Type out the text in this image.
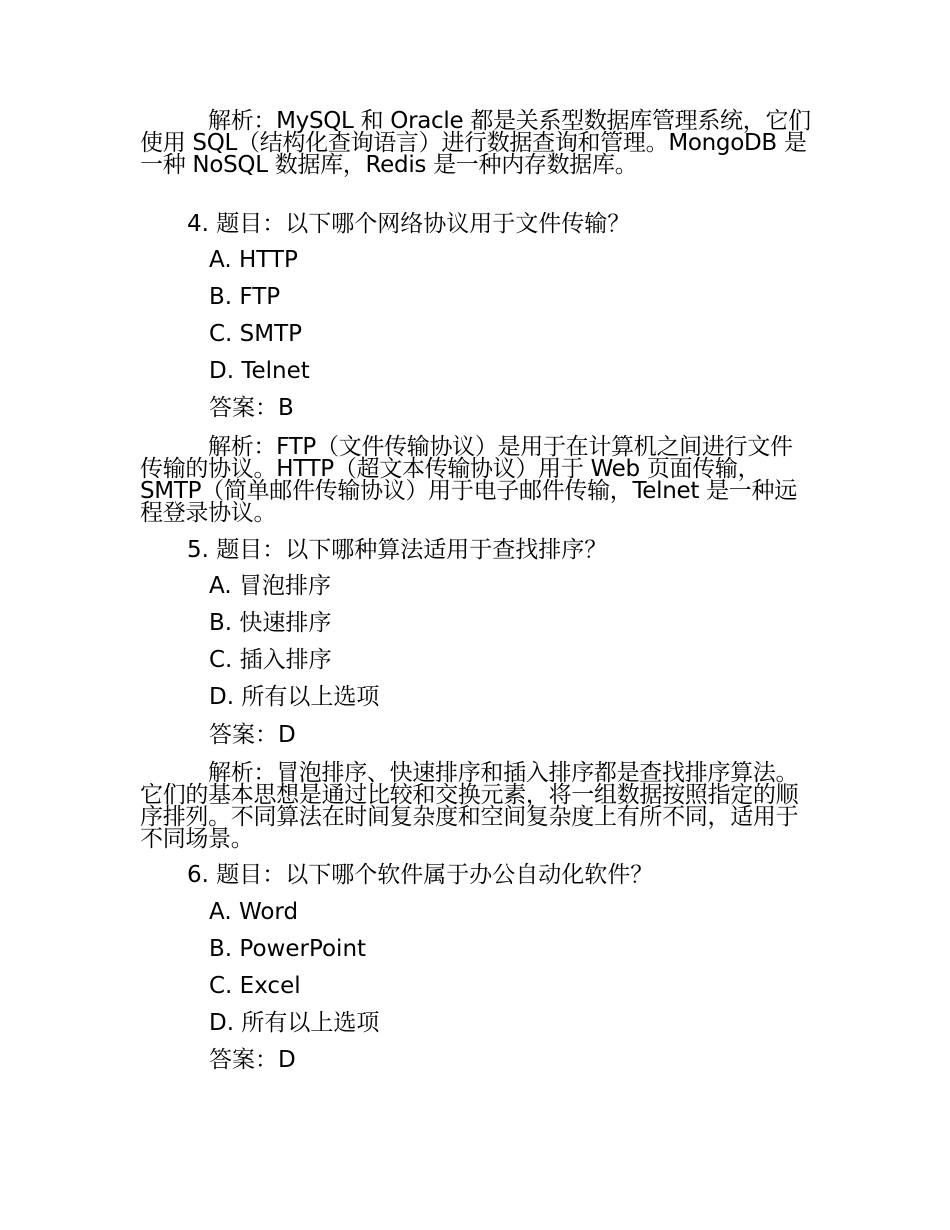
解析：MySQL 和 Oracle 都是关系型数据库管理系统，它们使用 SQL（结构化查询语言）进行数据查询和管理。MongoDB 是一种 NoSQL 数据库，Redis 是一种内存数据库。

4. 题目：以下哪个网络协议用于文件传输？

A. HTTP

B. FTP

C. SMTP

D. Telnet

答案：B

解析：FTP（文件传输协议）是用于在计算机之间进行文件传输的协议。HTTP（超文本传输协议）用于 Web 页面传输，SMTP（简单邮件传输协议）用于电子邮件传输，Telnet 是一种远程登录协议。

5. 题目：以下哪种算法适用于查找排序？

A. 冒泡排序

B. 快速排序

C. 插入排序

D. 所有以上选项

答案：D

解析：冒泡排序、快速排序和插入排序都是查找排序算法。它们的基本思想是通过比较和交换元素，将一组数据按照指定的顺序排列。不同算法在时间复杂度和空间复杂度上有所不同，适用于不同场景。

6. 题目：以下哪个软件属于办公自动化软件？

A. Word

B. PowerPoint

C. Excel

D. 所有以上选项

答案：D
